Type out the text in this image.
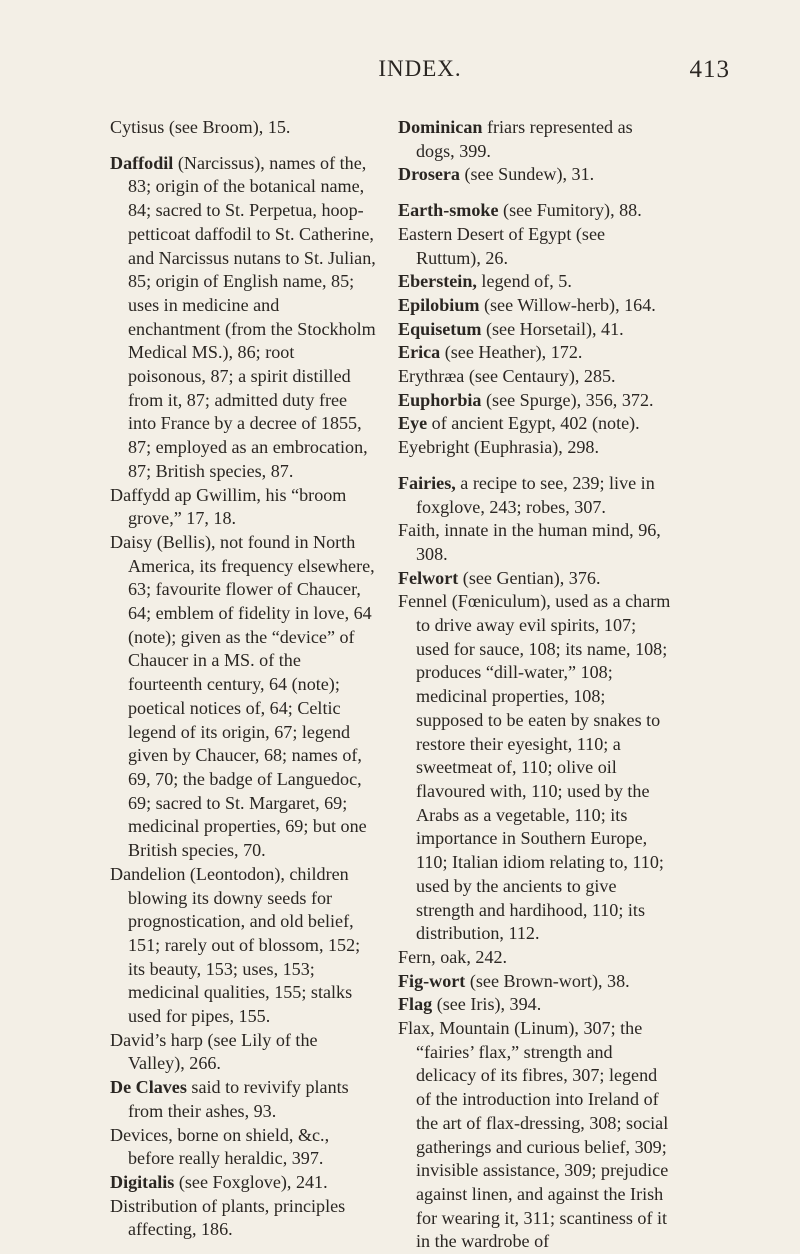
INDEX.	413

Cytisus (see Broom), 15.

Daffodil (Narcissus), names of the, 83; origin of the botanical name, 84; sacred to St. Perpetua, hoop-petticoat daffodil to St. Catherine, and Narcissus nutans to St. Julian, 85; origin of English name, 85; uses in medicine and enchantment (from the Stockholm Medical MS.), 86; root poisonous, 87; a spirit distilled from it, 87; admitted duty free into France by a decree of 1855, 87; employed as an embrocation, 87; British species, 87.

Daffydd ap Gwillim, his “broom grove,” 17, 18.

Daisy (Bellis), not found in North America, its frequency elsewhere, 63; favourite flower of Chaucer, 64; emblem of fidelity in love, 64 (note); given as the “device” of Chaucer in a MS. of the fourteenth century, 64 (note); poetical notices of, 64; Celtic legend of its origin, 67; legend given by Chaucer, 68; names of, 69, 70; the badge of Languedoc, 69; sacred to St. Margaret, 69; medicinal properties, 69; but one British species, 70.

Dandelion (Leontodon), children blowing its downy seeds for prognostication, and old belief, 151; rarely out of blossom, 152; its beauty, 153; uses, 153; medicinal qualities, 155; stalks used for pipes, 155.

David’s harp (see Lily of the Valley), 266.

De Claves said to revivify plants from their ashes, 93.

Devices, borne on shield, &c., before really heraldic, 397.

Digitalis (see Foxglove), 241.

Distribution of plants, principles affecting, 186.

Dominican friars represented as dogs, 399.

Drosera (see Sundew), 31.

Earth-smoke (see Fumitory), 88.

Eastern Desert of Egypt (see Ruttum), 26.

Eberstein, legend of, 5.

Epilobium (see Willow-herb), 164.

Equisetum (see Horsetail), 41.

Erica (see Heather), 172.

Erythræa (see Centaury), 285.

Euphorbia (see Spurge), 356, 372.

Eye of ancient Egypt, 402 (note).

Eyebright (Euphrasia), 298.

Fairies, a recipe to see, 239; live in foxglove, 243; robes, 307.

Faith, innate in the human mind, 96, 308.

Felwort (see Gentian), 376.

Fennel (Fœniculum), used as a charm to drive away evil spirits, 107; used for sauce, 108; its name, 108; produces “dill-water,” 108; medicinal properties, 108; supposed to be eaten by snakes to restore their eyesight, 110; a sweetmeat of, 110; olive oil flavoured with, 110; used by the Arabs as a vegetable, 110; its importance in Southern Europe, 110; Italian idiom relating to, 110; used by the ancients to give strength and hardihood, 110; its distribution, 112.

Fern, oak, 242.

Fig-wort (see Brown-wort), 38.

Flag (see Iris), 394.

Flax, Mountain (Linum), 307; the “fairies’ flax,” strength and delicacy of its fibres, 307; legend of the introduction into Ireland of the art of flax-dressing, 308; social gatherings and curious belief, 309; invisible assistance, 309; prejudice against linen, and against the Irish for wearing it, 311; scantiness of it in the wardrobe of
